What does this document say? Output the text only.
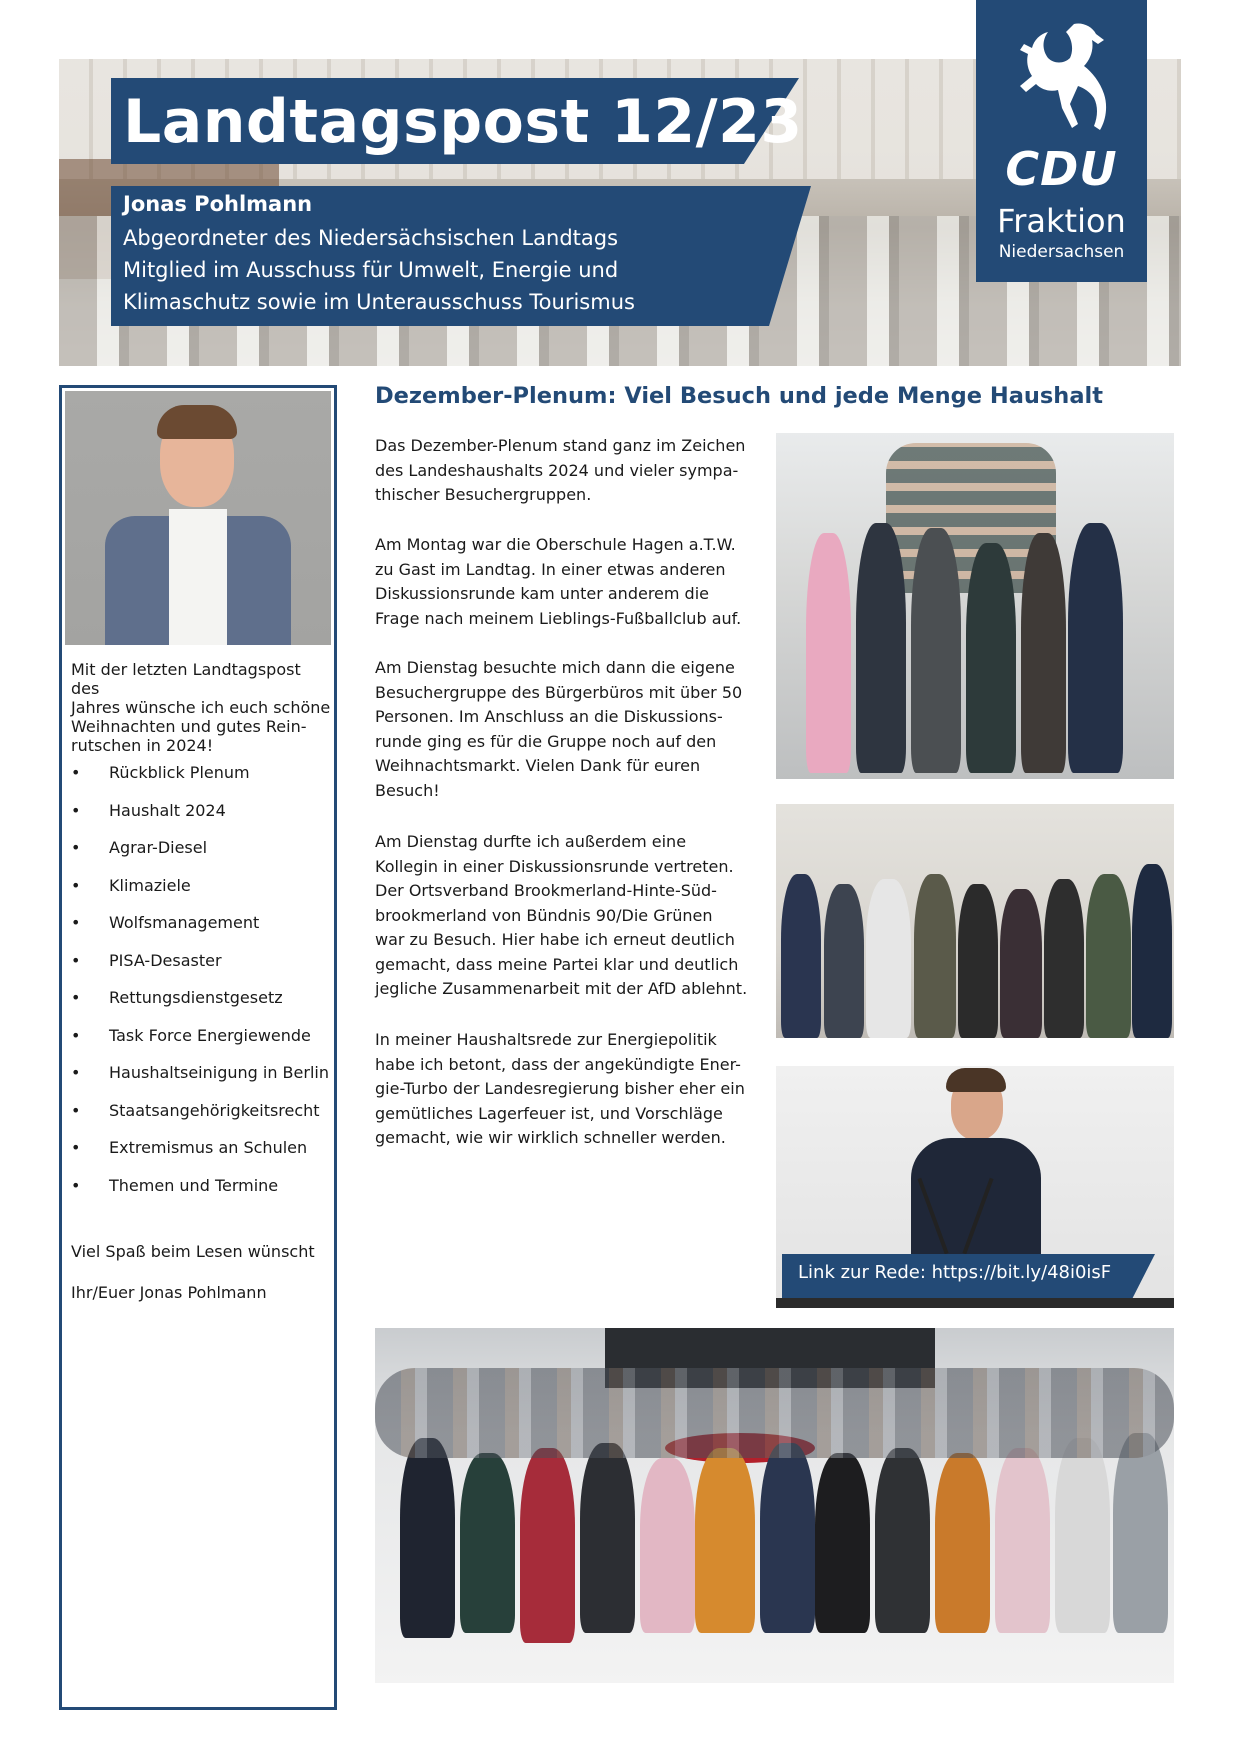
Landtagspost 12/23
Jonas Pohlmann
Abgeordneter des Niedersächsischen Landtags
Mitglied im Ausschuss für Umwelt, Energie und
Klimaschutz sowie im Unterausschuss Tourismus
CDU
Fraktion
Niedersachsen
Mit der letzten Landtagspost des
Jahres wünsche ich euch schöne
Weihnachten und gutes Rein-
rutschen in 2024!
• Rückblick Plenum
• Haushalt 2024
• Agrar-Diesel
• Klimaziele
• Wolfsmanagement
• PISA-Desaster
• Rettungsdienstgesetz
• Task Force Energiewende
• Haushaltseinigung in Berlin
• Staatsangehörigkeitsrecht
• Extremismus an Schulen
• Themen und Termine
Viel Spaß beim Lesen wünscht
Ihr/Euer Jonas Pohlmann
Dezember-Plenum: Viel Besuch und jede Menge Haushalt
Das Dezember-Plenum stand ganz im Zeichen
des Landeshaushalts 2024 und vieler sympa-
thischer Besuchergruppen.
Am Montag war die Oberschule Hagen a.T.W.
zu Gast im Landtag. In einer etwas anderen
Diskussionsrunde kam unter anderem die
Frage nach meinem Lieblings-Fußballclub auf.
Am Dienstag besuchte mich dann die eigene
Besuchergruppe des Bürgerbüros mit über 50
Personen. Im Anschluss an die Diskussions-
runde ging es für die Gruppe noch auf den
Weihnachtsmarkt. Vielen Dank für euren
Besuch!
Am Dienstag durfte ich außerdem eine
Kollegin in einer Diskussionsrunde vertreten.
Der Ortsverband Brookmerland-Hinte-Süd-
brookmerland von Bündnis 90/Die Grünen
war zu Besuch. Hier habe ich erneut deutlich
gemacht, dass meine Partei klar und deutlich
jegliche Zusammenarbeit mit der AfD ablehnt.
In meiner Haushaltsrede zur Energiepolitik
habe ich betont, dass der angekündigte Ener-
gie-Turbo der Landesregierung bisher eher ein
gemütliches Lagerfeuer ist, und Vorschläge
gemacht, wie wir wirklich schneller werden.
Link zur Rede: https://bit.ly/48i0isF
